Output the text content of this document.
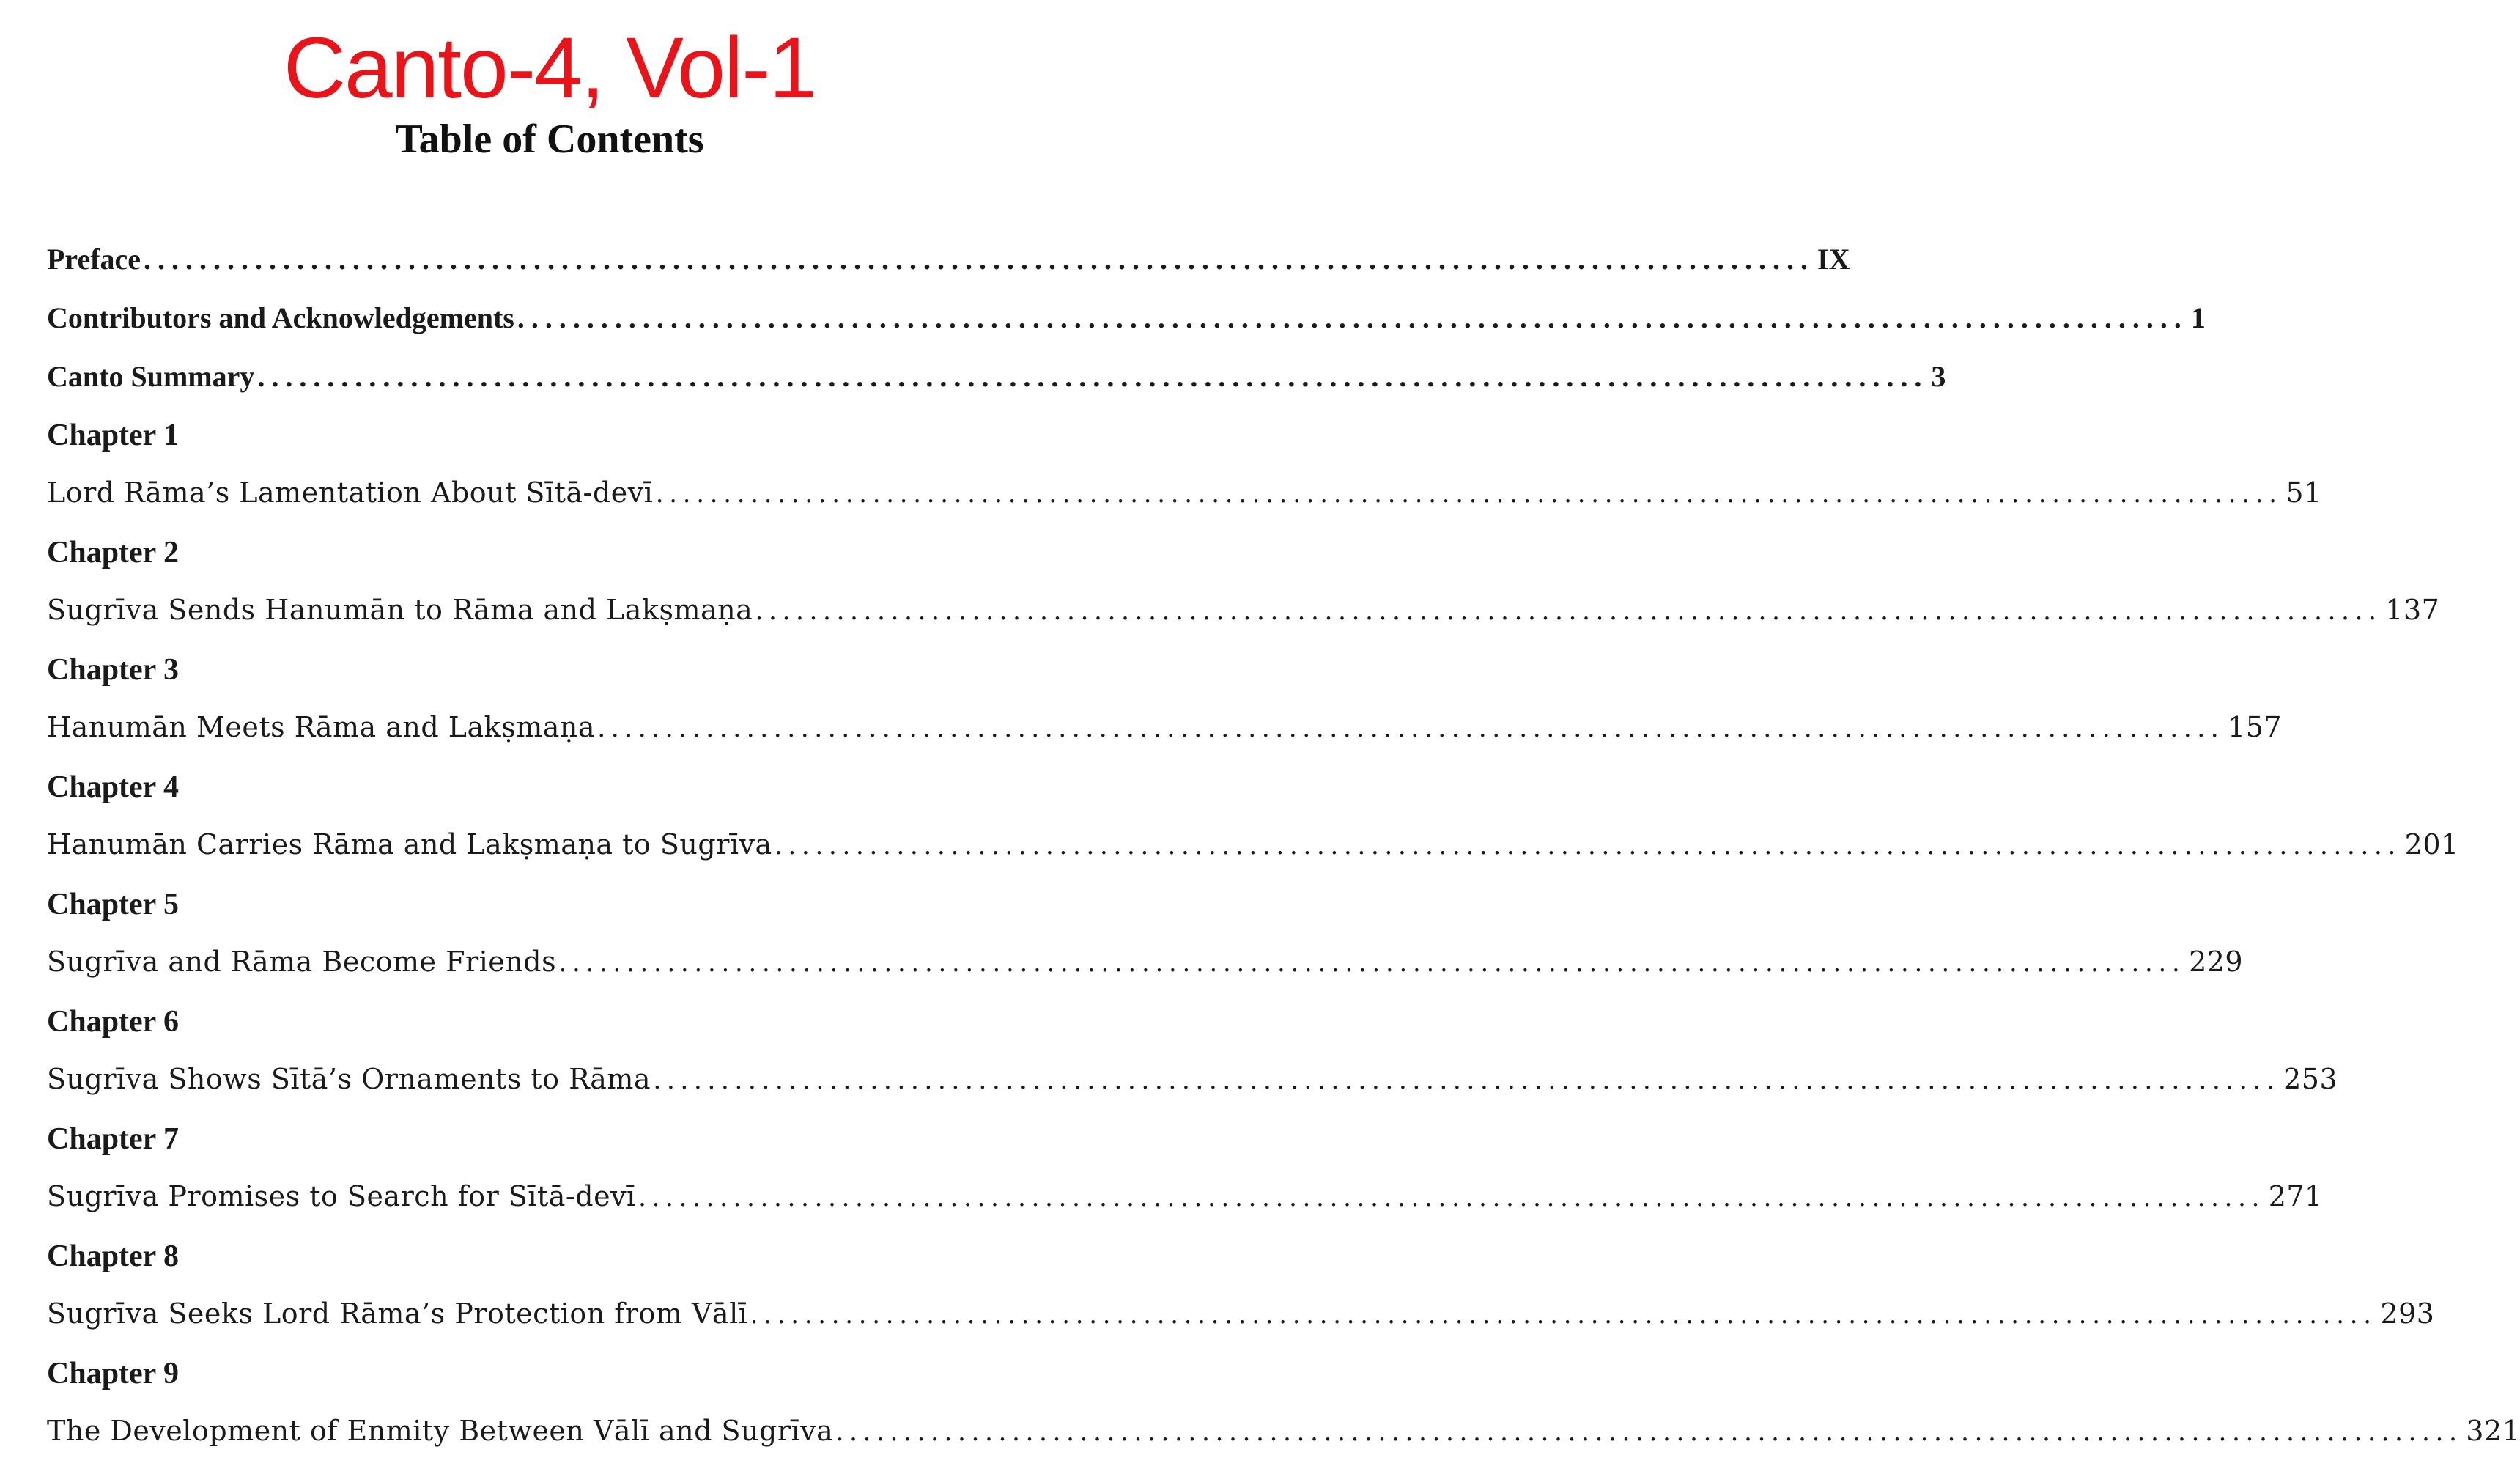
Canto-4, Vol-1
Table of Contents
Preface ........................................................................................................................ IX
Contributors and Acknowledgements ........................................................................................................................ 1
Canto Summary ........................................................................................................................ 3
Chapter 1
Lord Rāma’s Lamentation About Sītā-devī ........................................................................................................................ 51
Chapter 2
Sugrīva Sends Hanumān to Rāma and Lakṣmaṇa ........................................................................................................................ 137
Chapter 3
Hanumān Meets Rāma and Lakṣmaṇa ........................................................................................................................ 157
Chapter 4
Hanumān Carries Rāma and Lakṣmaṇa to Sugrīva ........................................................................................................................ 201
Chapter 5
Sugrīva and Rāma Become Friends ........................................................................................................................ 229
Chapter 6
Sugrīva Shows Sītā’s Ornaments to Rāma ........................................................................................................................ 253
Chapter 7
Sugrīva Promises to Search for Sītā-devī ........................................................................................................................ 271
Chapter 8
Sugrīva Seeks Lord Rāma’s Protection from Vālī ........................................................................................................................ 293
Chapter 9
The Development of Enmity Between Vālī and Sugrīva ........................................................................................................................ 321
